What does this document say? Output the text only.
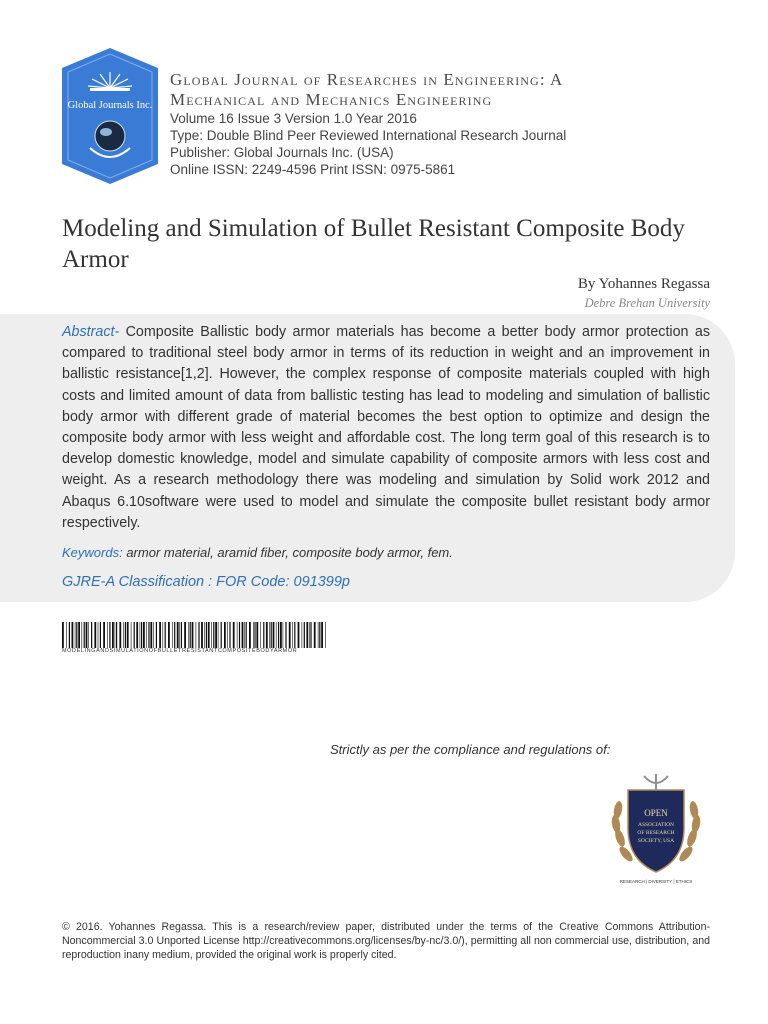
Global Journals Inc.
Global Journal of Researches in Engineering: A
Mechanical and Mechanics Engineering
Volume 16 Issue 3 Version 1.0 Year 2016
Type: Double Blind Peer Reviewed International Research Journal
Publisher: Global Journals Inc. (USA)
Online ISSN: 2249-4596 Print ISSN: 0975-5861
Modeling and Simulation of Bullet Resistant Composite Body Armor
By Yohannes Regassa
Debre Brehan University
Abstract- Composite Ballistic body armor materials has become a better body armor protection as compared to traditional steel body armor in terms of its reduction in weight and an improvement in ballistic resistance[1,2]. However, the complex response of composite materials coupled with high costs and limited amount of data from ballistic testing has lead to modeling and simulation of ballistic body armor with different grade of material becomes the best option to optimize and design the composite body armor with less weight and affordable cost. The long term goal of this research is to develop domestic knowledge, model and simulate capability of composite armors with less cost and weight. As a research methodology there was modeling and simulation by Solid work 2012 and Abaqus 6.10software were used to model and simulate the composite bullet resistant body armor respectively.
Keywords: armor material, aramid fiber, composite body armor, fem.
GJRE-A Classification : FOR Code: 091399p
MODELINGANDSIMULATIONOFBULLETRESISTANTCOMPOSITEBODYARMOR
Strictly as per the compliance and regulations of:
OPEN
ASSOCIATION
OF RESEARCH
SOCIETY, USA
RESEARCH | DIVERSITY | ETHICS
© 2016. Yohannes Regassa. This is a research/review paper, distributed under the terms of the Creative Commons Attribution-Noncommercial 3.0 Unported License http://creativecommons.org/licenses/by-nc/3.0/), permitting all non commercial use, distribution, and reproduction inany medium, provided the original work is properly cited.
